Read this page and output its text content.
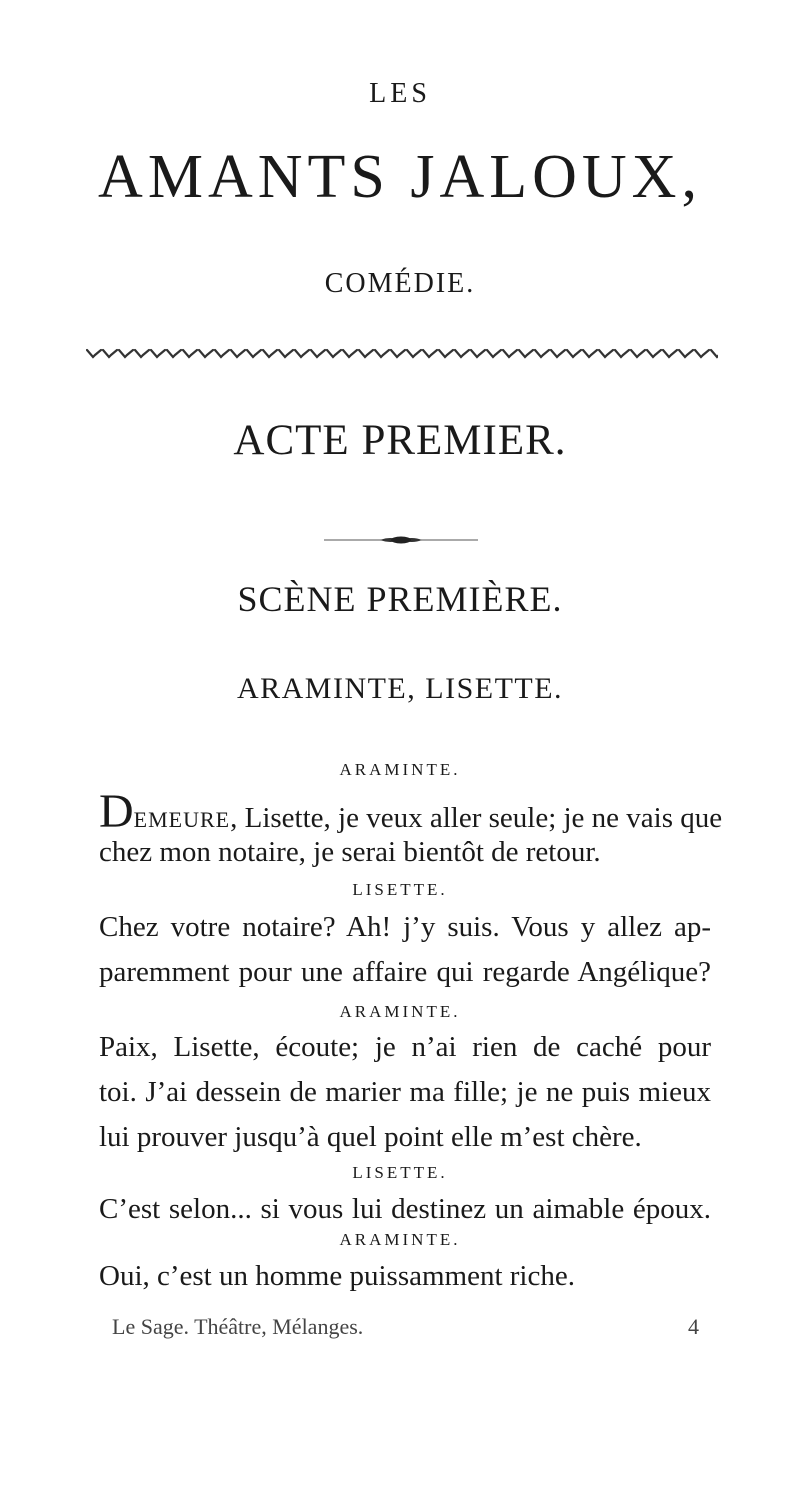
LES
AMANTS JALOUX,
COMÉDIE.
ACTE PREMIER.
SCÈNE PREMIÈRE.
ARAMINTE, LISETTE.
ARAMINTE.
DEMEURE, Lisette, je veux aller seule; je ne vais que
chez mon notaire, je serai bientôt de retour.
LISETTE.
Chez votre notaire? Ah! j’y suis. Vous y allez ap-
paremment pour une affaire qui regarde Angélique?
ARAMINTE.
Paix, Lisette, écoute; je n’ai rien de caché pour
toi. J’ai dessein de marier ma fille; je ne puis mieux
lui prouver jusqu’à quel point elle m’est chère.
LISETTE.
C’est selon... si vous lui destinez un aimable époux.
ARAMINTE.
Oui, c’est un homme puissamment riche.
Le Sage. Théâtre, Mélanges.	4
